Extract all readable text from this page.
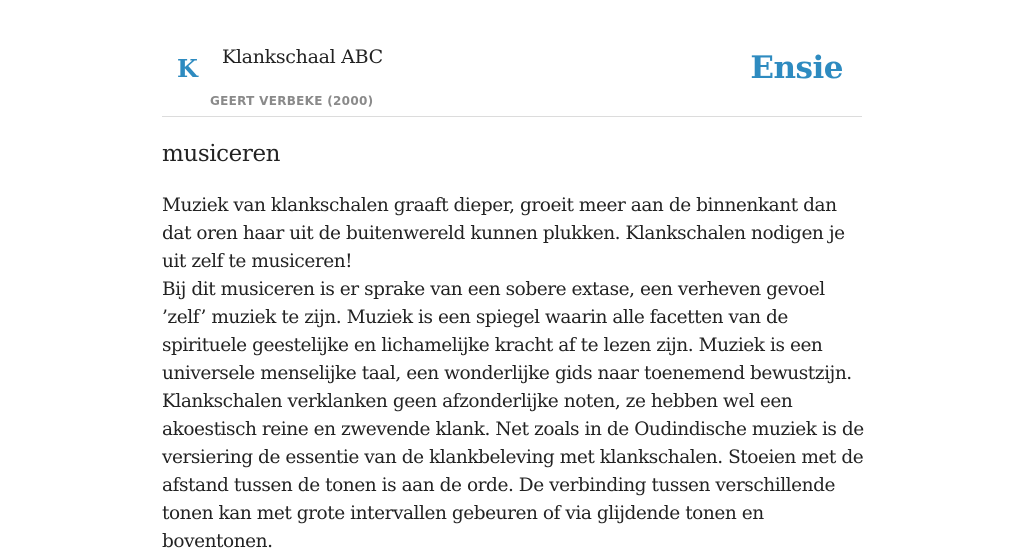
K Klankschaal ABC
GEERT VERBEKE (2000)
Ensie
musiceren

Muziek van klankschalen graaft dieper, groeit meer aan de binnenkant dan dat oren haar uit de buitenwereld kunnen plukken. Klankschalen nodigen je uit zelf te musiceren!

Bij dit musiceren is er sprake van een sobere extase, een verheven gevoel ’zelf’ muziek te zijn. Muziek is een spiegel waarin alle facetten van de spirituele geestelijke en lichamelijke kracht af te lezen zijn. Muziek is een universele menselijke taal, een wonderlijke gids naar toenemend bewustzijn. Klankschalen verklanken geen afzonderlijke noten, ze hebben wel een akoestisch reine en zwevende klank. Net zoals in de Oudindische muziek is de versiering de essentie van de klankbeleving met klankschalen. Stoeien met de afstand tussen de tonen is aan de orde. De verbinding tussen verschillende tonen kan met grote intervallen gebeuren of via glijdende tonen en boventonen.
